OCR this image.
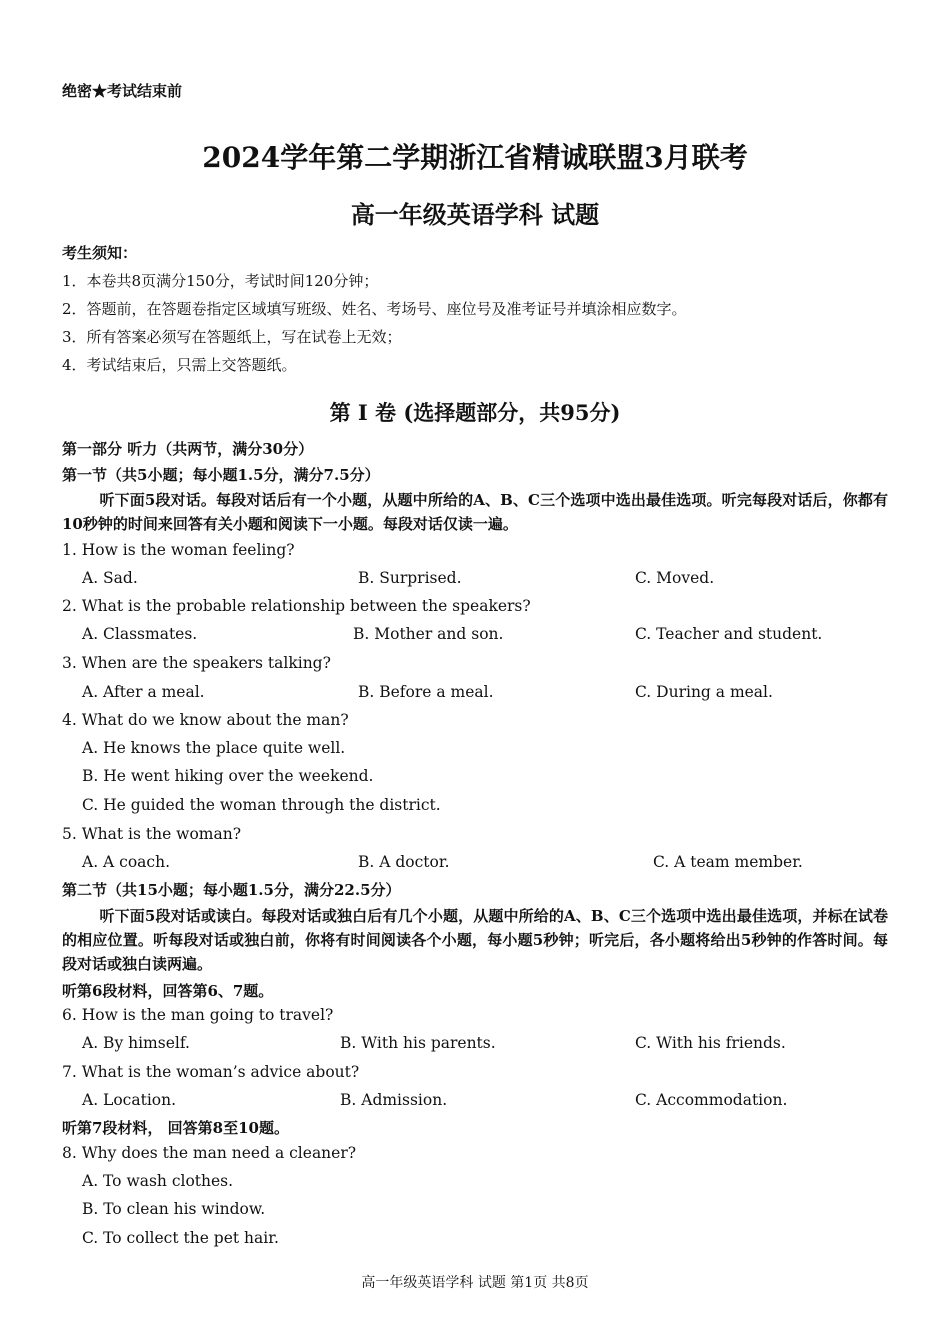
绝密★考试结束前
2024学年第二学期浙江省精诚联盟3月联考
高一年级英语学科 试题
考生须知：
1．本卷共8页满分150分，考试时间120分钟；
2．答题前，在答题卷指定区域填写班级、姓名、考场号、座位号及准考证号并填涂相应数字。
3．所有答案必须写在答题纸上，写在试卷上无效；
4．考试结束后，只需上交答题纸。
第 I 卷 (选择题部分，共95分)
第一部分 听力（共两节，满分30分）
第一节（共5小题；每小题1.5分，满分7.5分）
听下面5段对话。每段对话后有一个小题，从题中所给的A、B、C三个选项中选出最佳选项。听完每段对话后，你都有10秒钟的时间来回答有关小题和阅读下一小题。每段对话仅读一遍。
1. How is the woman feeling?
A. Sad.	B. Surprised.	C. Moved.
2. What is the probable relationship between the speakers?
A. Classmates.	B. Mother and son.	C. Teacher and student.
3. When are the speakers talking?
A. After a meal.	B. Before a meal.	C. During a meal.
4. What do we know about the man?
A. He knows the place quite well.
B. He went hiking over the weekend.
C. He guided the woman through the district.
5. What is the woman?
A. A coach.	B. A doctor.	C. A team member.
第二节（共15小题；每小题1.5分，满分22.5分）
听下面5段对话或读白。每段对话或独白后有几个小题，从题中所给的A、B、C三个选项中选出最佳选项，并标在试卷的相应位置。听每段对话或独白前，你将有时间阅读各个小题，每小题5秒钟；听完后，各小题将给出5秒钟的作答时间。每段对话或独白读两遍。
听第6段材料，回答第6、7题。
6. How is the man going to travel?
A. By himself.	B. With his parents.	C. With his friends.
7. What is the woman’s advice about?
A. Location.	B. Admission.	C. Accommodation.
听第7段材料， 回答第8至10题。
8. Why does the man need a cleaner?
A. To wash clothes.
B. To clean his window.
C. To collect the pet hair.
高一年级英语学科 试题 第1页 共8页
